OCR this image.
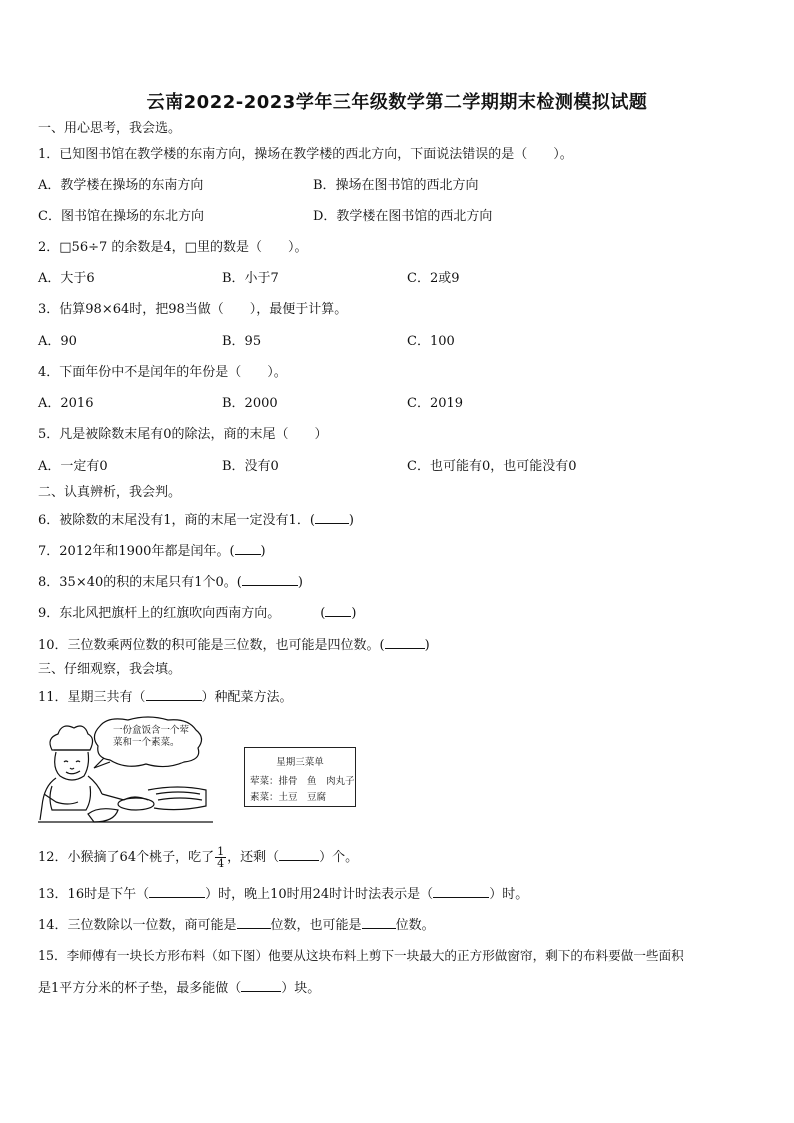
云南2022-2023学年三年级数学第二学期期末检测模拟试题
一、用心思考，我会选。
1．已知图书馆在教学楼的东南方向，操场在教学楼的西北方向，下面说法错误的是（　　）。
A．教学楼在操场的东南方向	B．操场在图书馆的西北方向
C．图书馆在操场的东北方向	D．教学楼在图书馆的西北方向
2．□56÷7 的余数是4，□里的数是（　　）。
A．大于6	B．小于7	C．2或9
3．估算98×64时，把98当做（　　），最便于计算。
A．90	B．95	C．100
4．下面年份中不是闰年的年份是（　　）。
A．2016	B．2000	C．2019
5．凡是被除数末尾有0的除法，商的末尾（　　）
A．一定有0	B．没有0	C．也可能有0，也可能没有0
二、认真辨析，我会判。
6．被除数的末尾没有1，商的末尾一定没有1．(	)
7．2012年和1900年都是闰年。( )
8．35×40的积的末尾只有1个0。(	)
9．东北风把旗杆上的红旗吹向西南方向。	( )
10．三位数乘两位数的积可能是三位数，也可能是四位数。(	)
三、仔细观察，我会填。
11．星期三共有（	）种配菜方法。
一份盒饭含一个荤
菜和一个素菜。
星期三菜单
荤菜：排骨　鱼　肉丸子
素菜：土豆　豆腐
12．小猴摘了64个桃子，吃了 $\frac{1}{4}$ ，还剩（	）个。
13．16时是下午（	）时，晚上10时用24时计时法表示是（	）时。
14．三位数除以一位数，商可能是	位数，也可能是	位数。
15．李师傅有一块长方形布料（如下图）他要从这块布料上剪下一块最大的正方形做窗帘，剩下的布料要做一些面积
是1平方分米的杯子垫，最多能做（	）块。
